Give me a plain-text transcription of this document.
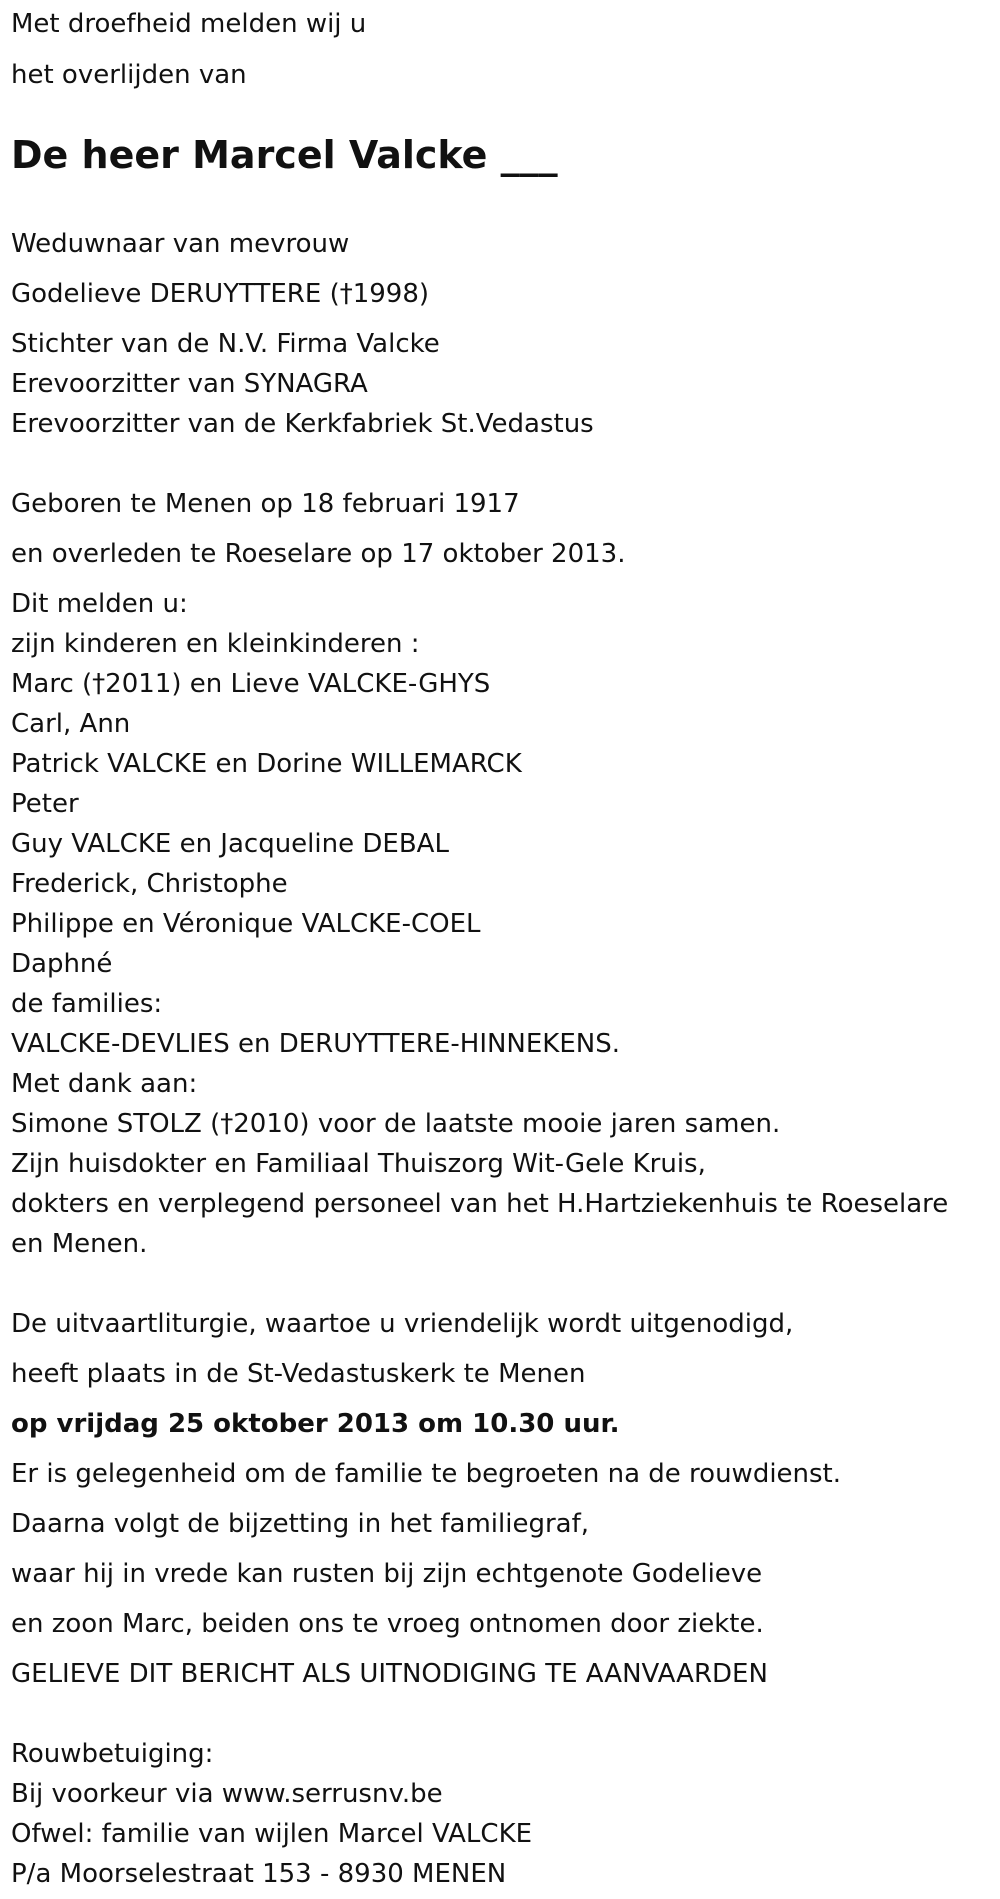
Met droefheid melden wij u

het overlijden van

De heer Marcel Valcke ___

Weduwnaar van mevrouw

Godelieve DERUYTTERE (†1998)

Stichter van de N.V. Firma Valcke

Erevoorzitter van SYNAGRA

Erevoorzitter van de Kerkfabriek St.Vedastus

Geboren te Menen op 18 februari 1917

en overleden te Roeselare op 17 oktober 2013.

Dit melden u:

zijn kinderen en kleinkinderen :

Marc (†2011) en Lieve VALCKE-GHYS

Carl, Ann

Patrick VALCKE en Dorine WILLEMARCK

Peter

Guy VALCKE en Jacqueline DEBAL

Frederick, Christophe

Philippe en Véronique VALCKE-COEL

Daphné

de families:

VALCKE-DEVLIES en DERUYTTERE-HINNEKENS.

Met dank aan:

Simone STOLZ (†2010) voor de laatste mooie jaren samen.

Zijn huisdokter en Familiaal Thuiszorg Wit-Gele Kruis,

dokters en verplegend personeel van het H.Hartziekenhuis te Roeselare

en Menen.

De uitvaartliturgie, waartoe u vriendelijk wordt uitgenodigd,

heeft plaats in de St-Vedastuskerk te Menen

op vrijdag 25 oktober 2013 om 10.30 uur.

Er is gelegenheid om de familie te begroeten na de rouwdienst.

Daarna volgt de bijzetting in het familiegraf,

waar hij in vrede kan rusten bij zijn echtgenote Godelieve

en zoon Marc, beiden ons te vroeg ontnomen door ziekte.

GELIEVE DIT BERICHT ALS UITNODIGING TE AANVAARDEN

Rouwbetuiging:

Bij voorkeur via www.serrusnv.be

Ofwel: familie van wijlen Marcel VALCKE

P/a Moorselestraat 153 - 8930 MENEN
